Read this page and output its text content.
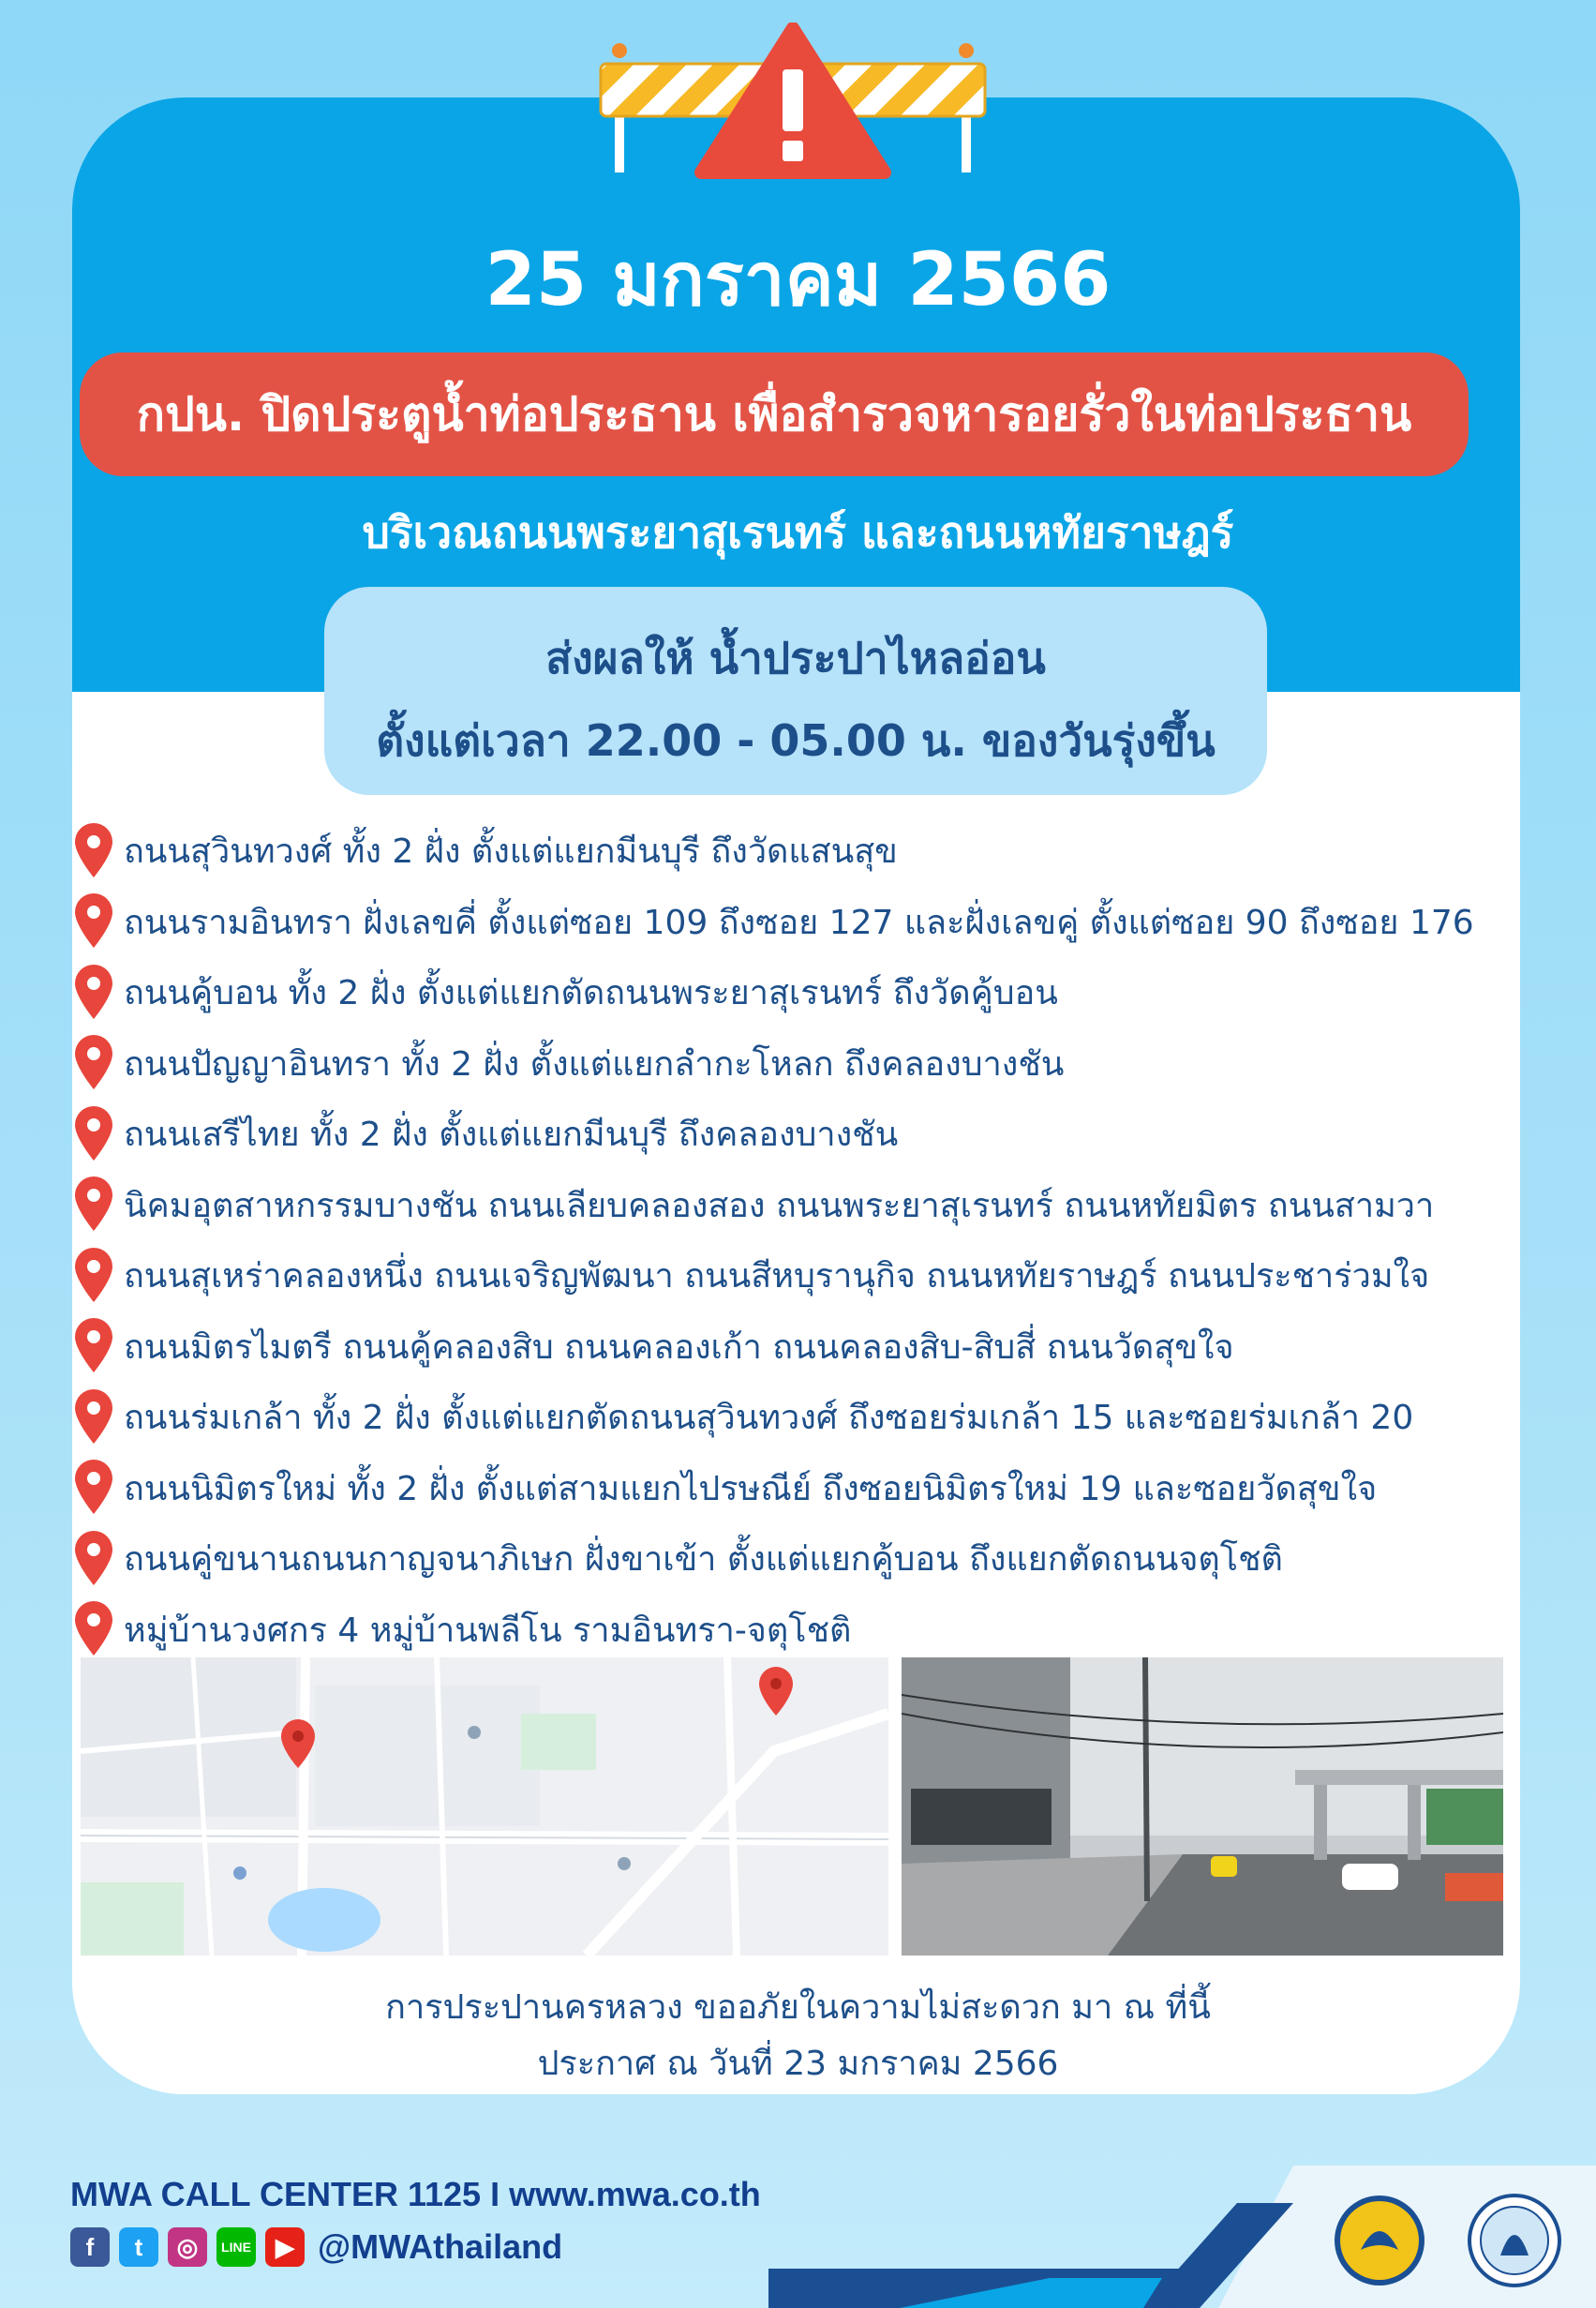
25 มกราคม 2566
กปน. ปิดประตูน้ำท่อประธาน เพื่อสำรวจหารอยรั่วในท่อประธาน
บริเวณถนนพระยาสุเรนทร์ และถนนหทัยราษฎร์
ส่งผลให้ น้ำประปาไหลอ่อน
ตั้งแต่เวลา 22.00 - 05.00 น. ของวันรุ่งขึ้น
ถนนสุวินทวงศ์ ทั้ง 2 ฝั่ง ตั้งแต่แยกมีนบุรี ถึงวัดแสนสุข
ถนนรามอินทรา ฝั่งเลขคี่ ตั้งแต่ซอย 109 ถึงซอย 127 และฝั่งเลขคู่ ตั้งแต่ซอย 90 ถึงซอย 176
ถนนคู้บอน ทั้ง 2 ฝั่ง ตั้งแต่แยกตัดถนนพระยาสุเรนทร์ ถึงวัดคู้บอน
ถนนปัญญาอินทรา ทั้ง 2 ฝั่ง ตั้งแต่แยกลำกะโหลก ถึงคลองบางชัน
ถนนเสรีไทย ทั้ง 2 ฝั่ง ตั้งแต่แยกมีนบุรี ถึงคลองบางชัน
นิคมอุตสาหกรรมบางชัน ถนนเลียบคลองสอง ถนนพระยาสุเรนทร์ ถนนหทัยมิตร ถนนสามวา
ถนนสุเหร่าคลองหนึ่ง ถนนเจริญพัฒนา ถนนสีหบุรานุกิจ ถนนหทัยราษฎร์ ถนนประชาร่วมใจ
ถนนมิตรไมตรี ถนนคู้คลองสิบ ถนนคลองเก้า ถนนคลองสิบ-สิบสี่ ถนนวัดสุขใจ
ถนนร่มเกล้า ทั้ง 2 ฝั่ง ตั้งแต่แยกตัดถนนสุวินทวงศ์ ถึงซอยร่มเกล้า 15 และซอยร่มเกล้า 20
ถนนนิมิตรใหม่ ทั้ง 2 ฝั่ง ตั้งแต่สามแยกไปรษณีย์ ถึงซอยนิมิตรใหม่ 19 และซอยวัดสุขใจ
ถนนคู่ขนานถนนกาญจนาภิเษก ฝั่งขาเข้า ตั้งแต่แยกคู้บอน ถึงแยกตัดถนนจตุโชติ
หมู่บ้านวงศกร 4 หมู่บ้านพลีโน รามอินทรา-จตุโชติ
การประปานครหลวง ขออภัยในความไม่สะดวก มา ณ ที่นี้
ประกาศ ณ วันที่ 23 มกราคม 2566
MWA CALL CENTER 1125 I www.mwa.co.th
f	t	◎	LINE	▶ @MWAthailand
